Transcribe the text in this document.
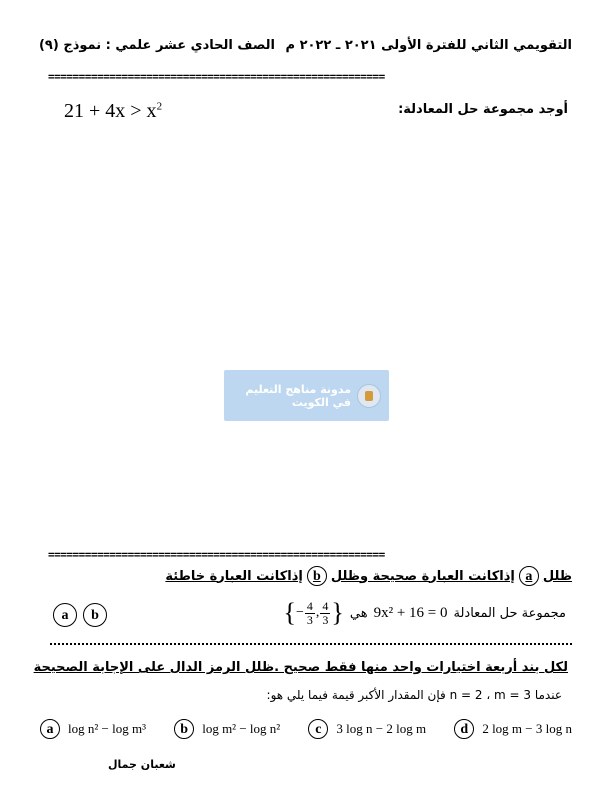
التقويمي الثاني للفترة الأولى ٢٠٢١ ـ ٢٠٢٢ م
الصف الحادي عشر علمي : نموذج (٩)
=======================================================
أوجد مجموعة حل المعادلة:
$21 + 4x > x^2$
مدونة مناهج التعليم
في الكويت
=======================================================
ظلل
a
إذاكانت العبارة صحيحة وظلل
b
إذاكانت العبارة خاطئة
مجموعة حل المعادلة
9x² + 16 = 0
هي
{ − $\frac{4}{3}$ , $\frac{4}{3}$ }
a	b
لكل بند أربعة اختيارات واحد منها فقط صحيح .ظلل الرمز الدال على الإجابة الصحيحة
عندما n = 2 ، m = 3 فإن المقدار الأكبر قيمة فيما يلي هو:
a	log n² − log m³	b	log m² − log n²	c	3 log n − 2 log m	d	2 log m − 3 log n
شعبان جمال
